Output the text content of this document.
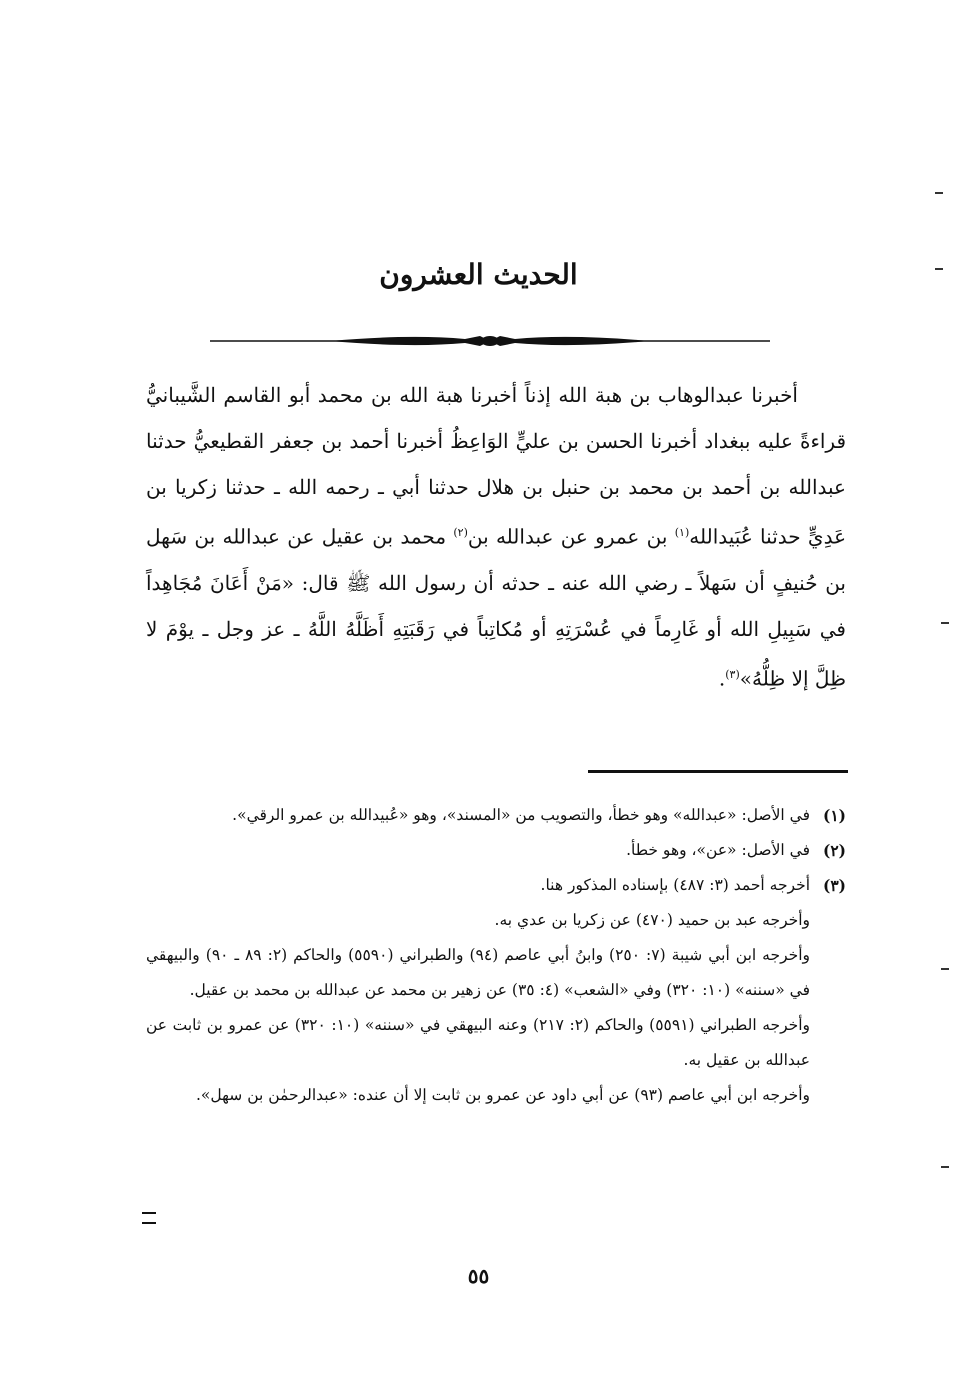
الحديث العشرون

أخبرنا عبدالوهاب بن هبة الله إذناً أخبرنا هبة الله بن محمد أبو القاسم الشَّيبانيُّ قراءةً عليه ببغداد أخبرنا الحسن بن عليٍّ الوَاعِظُ أخبرنا أحمد بن جعفر القطيعيُّ حدثنا عبدالله بن أحمد بن محمد بن حنبل بن هلال حدثنا أبي ـ رحمه الله ـ حدثنا زكريا بن عَدِيٍّ حدثنا عُبَيدالله$^{(١)}$ بن عمرو عن عبدالله بن$^{(٢)}$ محمد بن عقيل عن عبدالله بن سَهل بن حُنيفٍ أن سَهلاً ـ رضي الله عنه ـ حدثه أن رسول الله ﷺ قال: «مَنْ أَعَانَ مُجَاهِداً في سَبِيلِ الله أو غَارِماً في عُسْرَتِهِ أو مُكاتِباً في رَقَبَتِهِ أَظَلَّهُ اللَّهُ ـ عز وجل ـ يوْمَ لا ظِلَّ إلا ظِلُّهُ»$^{(٣)}$.

(١)
في الأصل: «عبدالله» وهو خطأ، والتصويب من «المسند»، وهو «عُبيدالله بن عمرو الرقي».
(٢)
في الأصل: «عن»، وهو خطأ.
(٣)
أخرجه أحمد (٣: ٤٨٧) بإسناده المذكور هنا.
وأخرجه عبد بن حميد (٤٧٠) عن زكريا بن عدي به.
وأخرجه ابن أبي شيبة (٧: ٢٥٠) وابنُ أبي عاصم (٩٤) والطبراني (٥٥٩٠) والحاكم (٢: ٨٩ ـ ٩٠) والبيهقي في «سننه» (١٠: ٣٢٠) وفي «الشعب» (٤: ٣٥) عن زهير بن محمد عن عبدالله بن محمد بن عقيل.
وأخرجه الطبراني (٥٥٩١) والحاكم (٢: ٢١٧) وعنه البيهقي في «سننه» (١٠: ٣٢٠) عن عمرو بن ثابت عن عبدالله بن عقيل به.
وأخرجه ابن أبي عاصم (٩٣) عن أبي داود عن عمرو بن ثابت إلا أن عنده: «عبدالرحمٰن بن سهل».
٥٥
